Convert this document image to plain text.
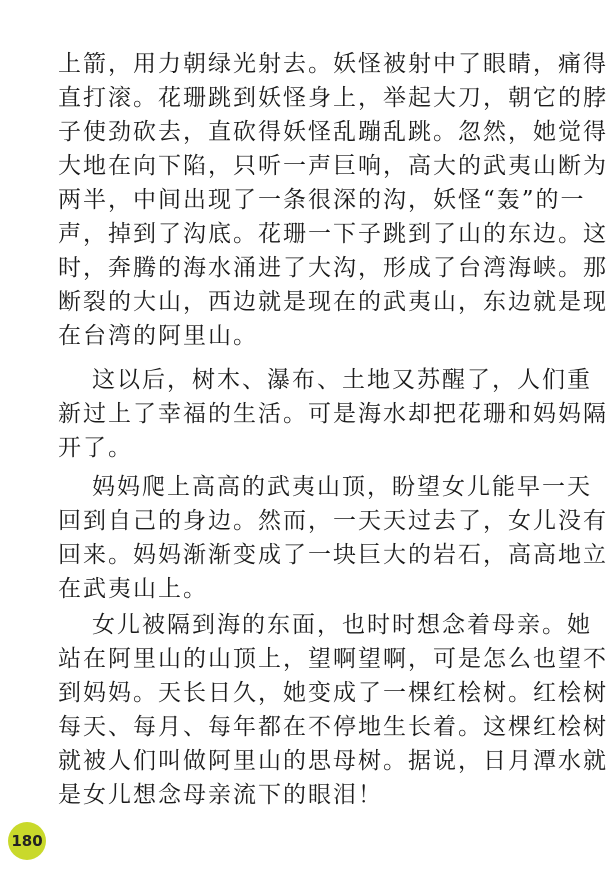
上箭，用力朝绿光射去。妖怪被射中了眼睛，痛得
直打滚。花珊跳到妖怪身上，举起大刀，朝它的脖
子使劲砍去，直砍得妖怪乱蹦乱跳。忽然，她觉得
大地在向下陷，只听一声巨响，高大的武夷山断为
两半，中间出现了一条很深的沟，妖怪“轰”的一
声，掉到了沟底。花珊一下子跳到了山的东边。这
时，奔腾的海水涌进了大沟，形成了台湾海峡。那
断裂的大山，西边就是现在的武夷山，东边就是现
在台湾的阿里山。
这以后，树木、瀑布、土地又苏醒了，人们重
新过上了幸福的生活。可是海水却把花珊和妈妈隔
开了。
妈妈爬上高高的武夷山顶，盼望女儿能早一天
回到自己的身边。然而，一天天过去了，女儿没有
回来。妈妈渐渐变成了一块巨大的岩石，高高地立
在武夷山上。
女儿被隔到海的东面，也时时想念着母亲。她
站在阿里山的山顶上，望啊望啊，可是怎么也望不
到妈妈。天长日久，她变成了一棵红桧树。红桧树
每天、每月、每年都在不停地生长着。这棵红桧树
就被人们叫做阿里山的思母树。据说，日月潭水就
是女儿想念母亲流下的眼泪！
180
